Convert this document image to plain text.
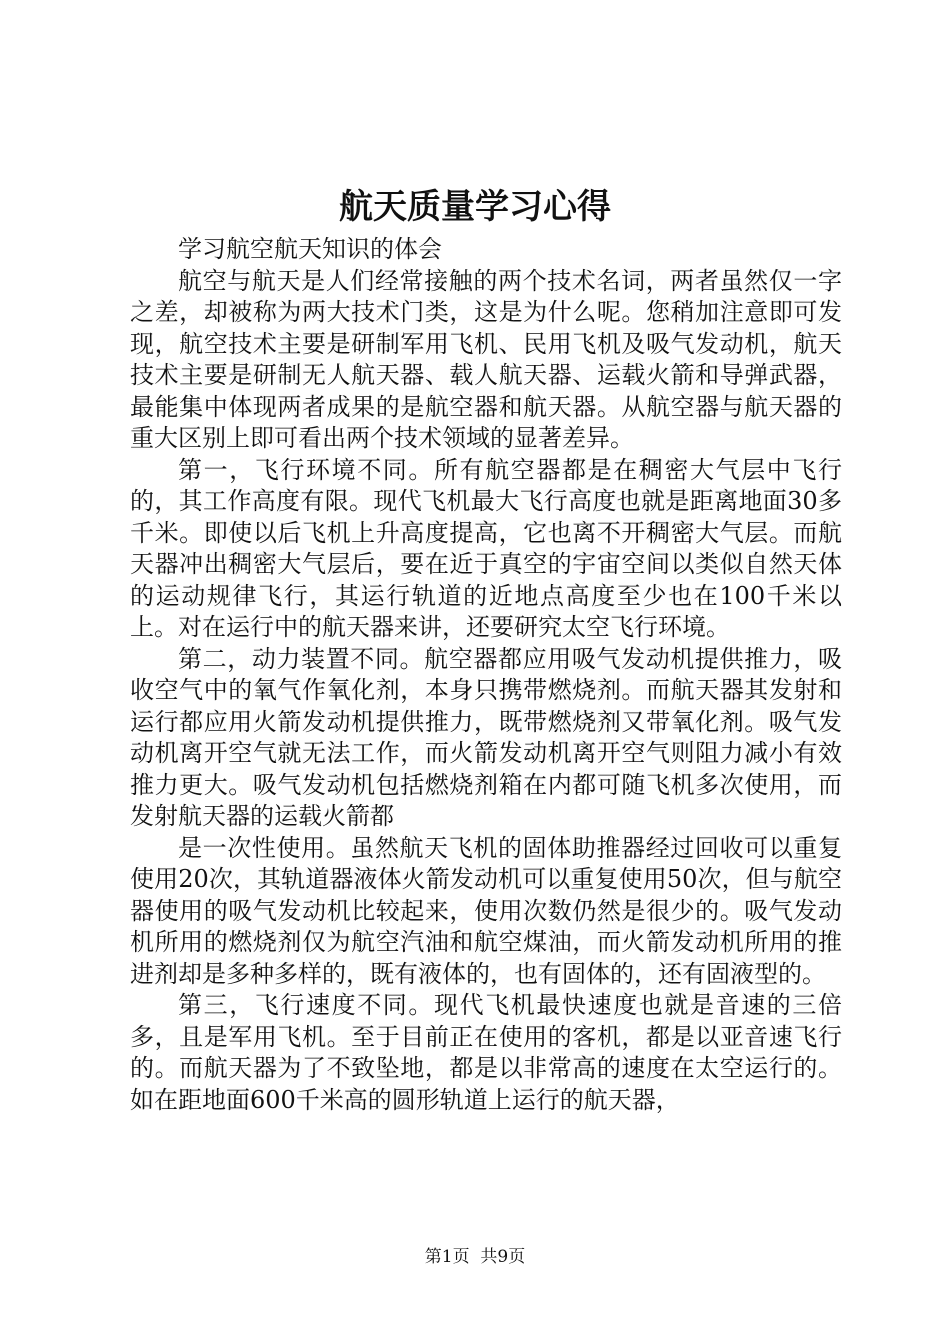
航天质量学习心得

学习航空航天知识的体会

航空与航天是人们经常接触的两个技术名词，两者虽然仅一字之差，却被称为两大技术门类，这是为什么呢。您稍加注意即可发现，航空技术主要是研制军用飞机、民用飞机及吸气发动机，航天技术主要是研制无人航天器、载人航天器、运载火箭和导弹武器，最能集中体现两者成果的是航空器和航天器。从航空器与航天器的重大区别上即可看出两个技术领域的显著差异。

第一，飞行环境不同。所有航空器都是在稠密大气层中飞行的，其工作高度有限。现代飞机最大飞行高度也就是距离地面30多千米。即使以后飞机上升高度提高，它也离不开稠密大气层。而航天器冲出稠密大气层后，要在近于真空的宇宙空间以类似自然天体的运动规律飞行，其运行轨道的近地点高度至少也在100千米以上。对在运行中的航天器来讲，还要研究太空飞行环境。

第二，动力装置不同。航空器都应用吸气发动机提供推力，吸收空气中的氧气作氧化剂，本身只携带燃烧剂。而航天器其发射和运行都应用火箭发动机提供推力，既带燃烧剂又带氧化剂。吸气发动机离开空气就无法工作，而火箭发动机离开空气则阻力减小有效推力更大。吸气发动机包括燃烧剂箱在内都可随飞机多次使用，而发射航天器的运载火箭都

是一次性使用。虽然航天飞机的固体助推器经过回收可以重复使用20次，其轨道器液体火箭发动机可以重复使用50次，但与航空器使用的吸气发动机比较起来，使用次数仍然是很少的。吸气发动机所用的燃烧剂仅为航空汽油和航空煤油，而火箭发动机所用的推进剂却是多种多样的，既有液体的，也有固体的，还有固液型的。

第三，飞行速度不同。现代飞机最快速度也就是音速的三倍多，且是军用飞机。至于目前正在使用的客机，都是以亚音速飞行的。而航天器为了不致坠地，都是以非常高的速度在太空运行的。如在距地面600千米高的圆形轨道上运行的航天器，

第1页  共9页
